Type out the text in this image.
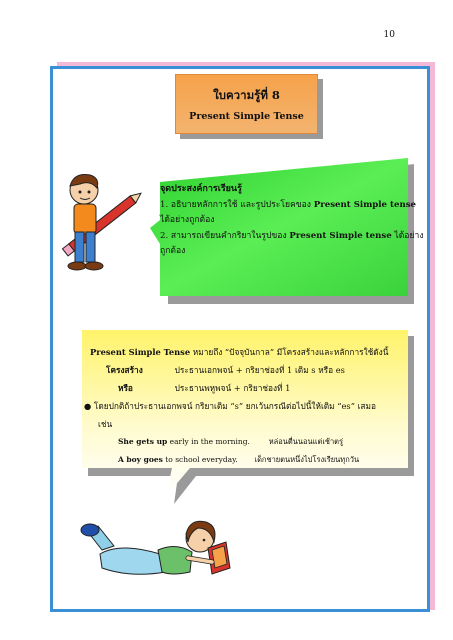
10
ใบความรู้ที่ 8
Present Simple Tense
จุดประสงค์การเรียนรู้
1. อธิบายหลักการใช้ และรูปประโยคของ Present Simple tense
ได้อย่างถูกต้อง
2. สามารถเขียนคำกริยาในรูปของ Present Simple tense ได้อย่าง
ถูกต้อง
Present Simple Tense หมายถึง “ปัจจุบันกาล” มีโครงสร้างและหลักการใช้ดังนี้
โครงสร้าง	ประธานเอกพจน์ + กริยาช่องที่ 1 เติม s หรือ es
หรือ	ประธานพหูพจน์ + กริยาช่องที่ 1
● โดยปกติถ้าประธานเอกพจน์ กริยาเติม “s” ยกเว้นกรณีต่อไปนี้ให้เติม “es” เสมอ
เช่น
She gets up early in the morning.	หล่อนตื่นนอนแต่เช้าตรู่
A boy goes to school everyday. เด็กชายตนหนึ่งไปโรงเรียนทุกวัน
